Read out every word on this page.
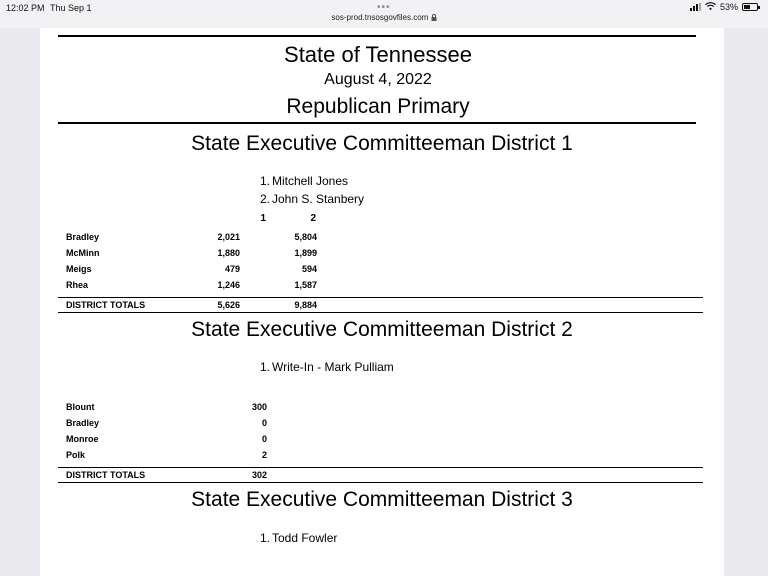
12:02 PM Thu Sep 1	•••
sos-prod.tnsosgovfiles.com
53%
State of Tennessee
August 4, 2022
Republican Primary
State Executive Committeeman District 1
1. Mitchell Jones
2. John S. Stanbery
1	2
Bradley	2,021	5,804
McMinn	1,880	1,899
Meigs	479	594
Rhea	1,246	1,587
DISTRICT TOTALS	5,626	9,884
State Executive Committeeman District 2
1. Write-In - Mark Pulliam
Blount	300
Bradley	0
Monroe	0
Polk	2
DISTRICT TOTALS	302
State Executive Committeeman District 3
1. Todd Fowler
